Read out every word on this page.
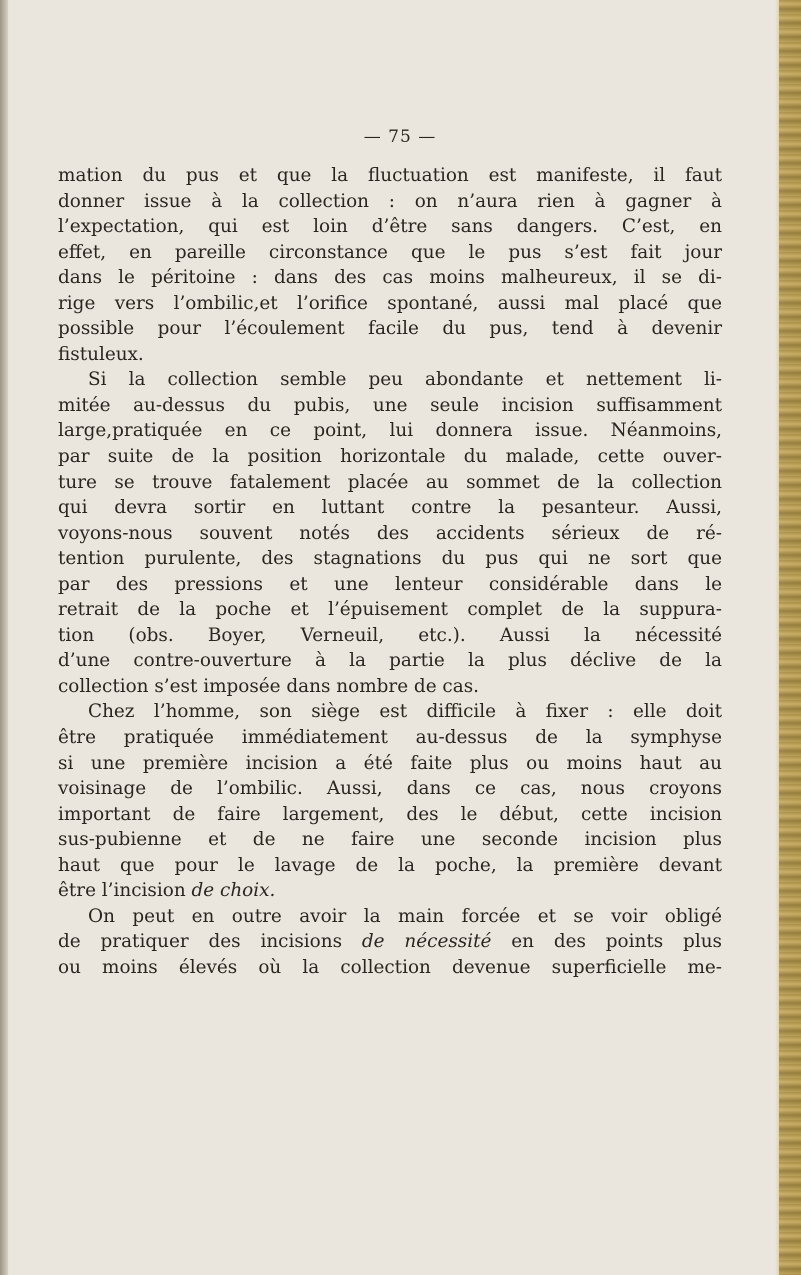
— 75 —
mation du pus et que la fluctuation est manifeste, il faut
donner issue à la collection : on n’aura rien à gagner à
l’expectation, qui est loin d’être sans dangers. C’est, en
effet, en pareille circonstance que le pus s’est fait jour
dans le péritoine : dans des cas moins malheureux, il se di-
rige vers l’ombilic,et l’orifice spontané, aussi mal placé que
possible pour l’écoulement facile du pus, tend à devenir
fistuleux.
Si la collection semble peu abondante et nettement li-
mitée au-dessus du pubis, une seule incision suffisamment
large,pratiquée en ce point, lui donnera issue. Néanmoins,
par suite de la position horizontale du malade, cette ouver-
ture se trouve fatalement placée au sommet de la collection
qui devra sortir en luttant contre la pesanteur. Aussi,
voyons-nous souvent notés des accidents sérieux de ré-
tention purulente, des stagnations du pus qui ne sort que
par des pressions et une lenteur considérable dans le
retrait de la poche et l’épuisement complet de la suppura-
tion (obs. Boyer, Verneuil, etc.). Aussi la nécessité
d’une contre-ouverture à la partie la plus déclive de la
collection s’est imposée dans nombre de cas.
Chez l’homme, son siège est difficile à fixer : elle doit
être pratiquée immédiatement au-dessus de la symphyse
si une première incision a été faite plus ou moins haut au
voisinage de l’ombilic. Aussi, dans ce cas, nous croyons
important de faire largement, des le début, cette incision
sus-pubienne et de ne faire une seconde incision plus
haut que pour le lavage de la poche, la première devant
être l’incision de choix.
On peut en outre avoir la main forcée et se voir obligé
de pratiquer des incisions de nécessité en des points plus
ou moins élevés où la collection devenue superficielle me-
